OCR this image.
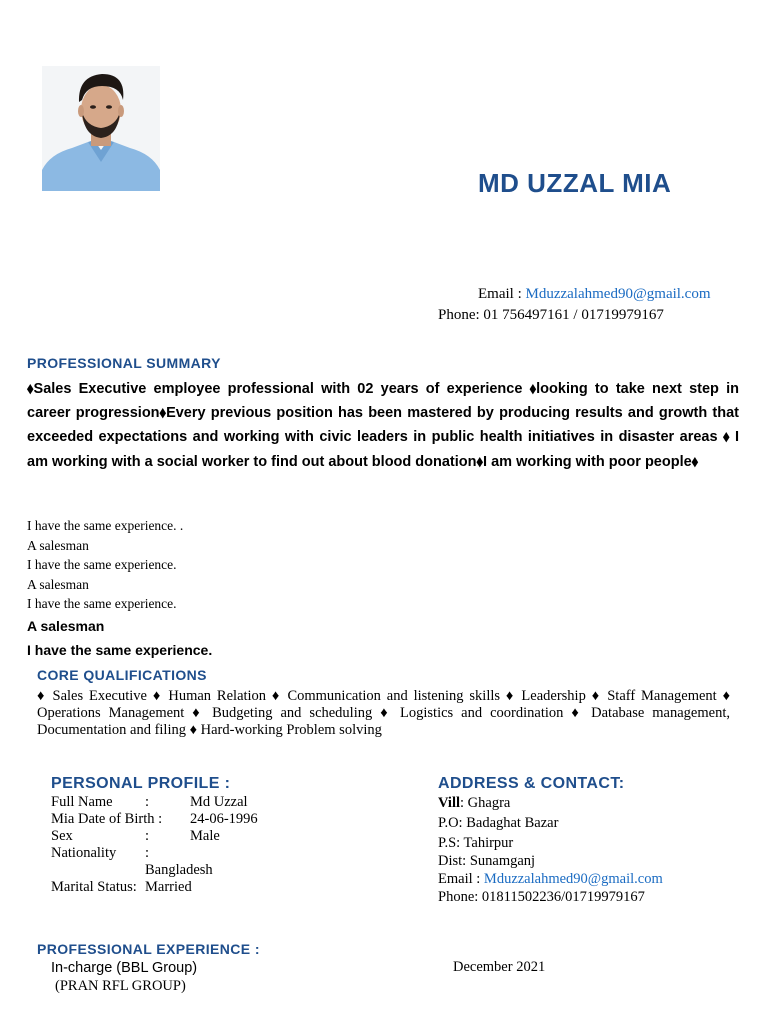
MD UZZAL MIA
Email : Mduzzalahmed90@gmail.com
Phone: 01 756497161 / 01719979167
PROFESSIONAL SUMMARY
⬧Sales Executive employee professional with 02 years of experience ⬧looking to take next step in career progression⬧Every previous position has been mastered by producing results and growth that exceeded expectations and working with civic leaders in public health initiatives in disaster areas ⬧ I am working with a social worker to find out about blood donation⬧I am working with poor people⬧
I have the same experience. .
A salesman
I have the same experience.
A salesman
I have the same experience.
A salesman
I have the same experience.
CORE QUALIFICATIONS
♦ Sales Executive ♦ Human Relation ♦ Communication and listening skills ♦ Leadership ♦ Staff Management ♦ Operations Management ♦ Budgeting and scheduling ♦ Logistics and coordination ♦ Database management, Documentation and filing ♦ Hard-working Problem solving
PERSONAL PROFILE :
Full Name	:	Md Uzzal
Mia Date of Birth :		24-06-1996
Sex	:	Male
Nationality	:	
	Bangladesh	
Marital Status:	Married	
ADDRESS & CONTACT:
Vill: Ghagra
P.O: Badaghat Bazar
P.S: Tahirpur
Dist: Sunamganj
Email : Mduzzalahmed90@gmail.com
Phone: 01811502236/01719979167
PROFESSIONAL EXPERIENCE :
In-charge (BBL Group)
(PRAN RFL GROUP)
December 2021
